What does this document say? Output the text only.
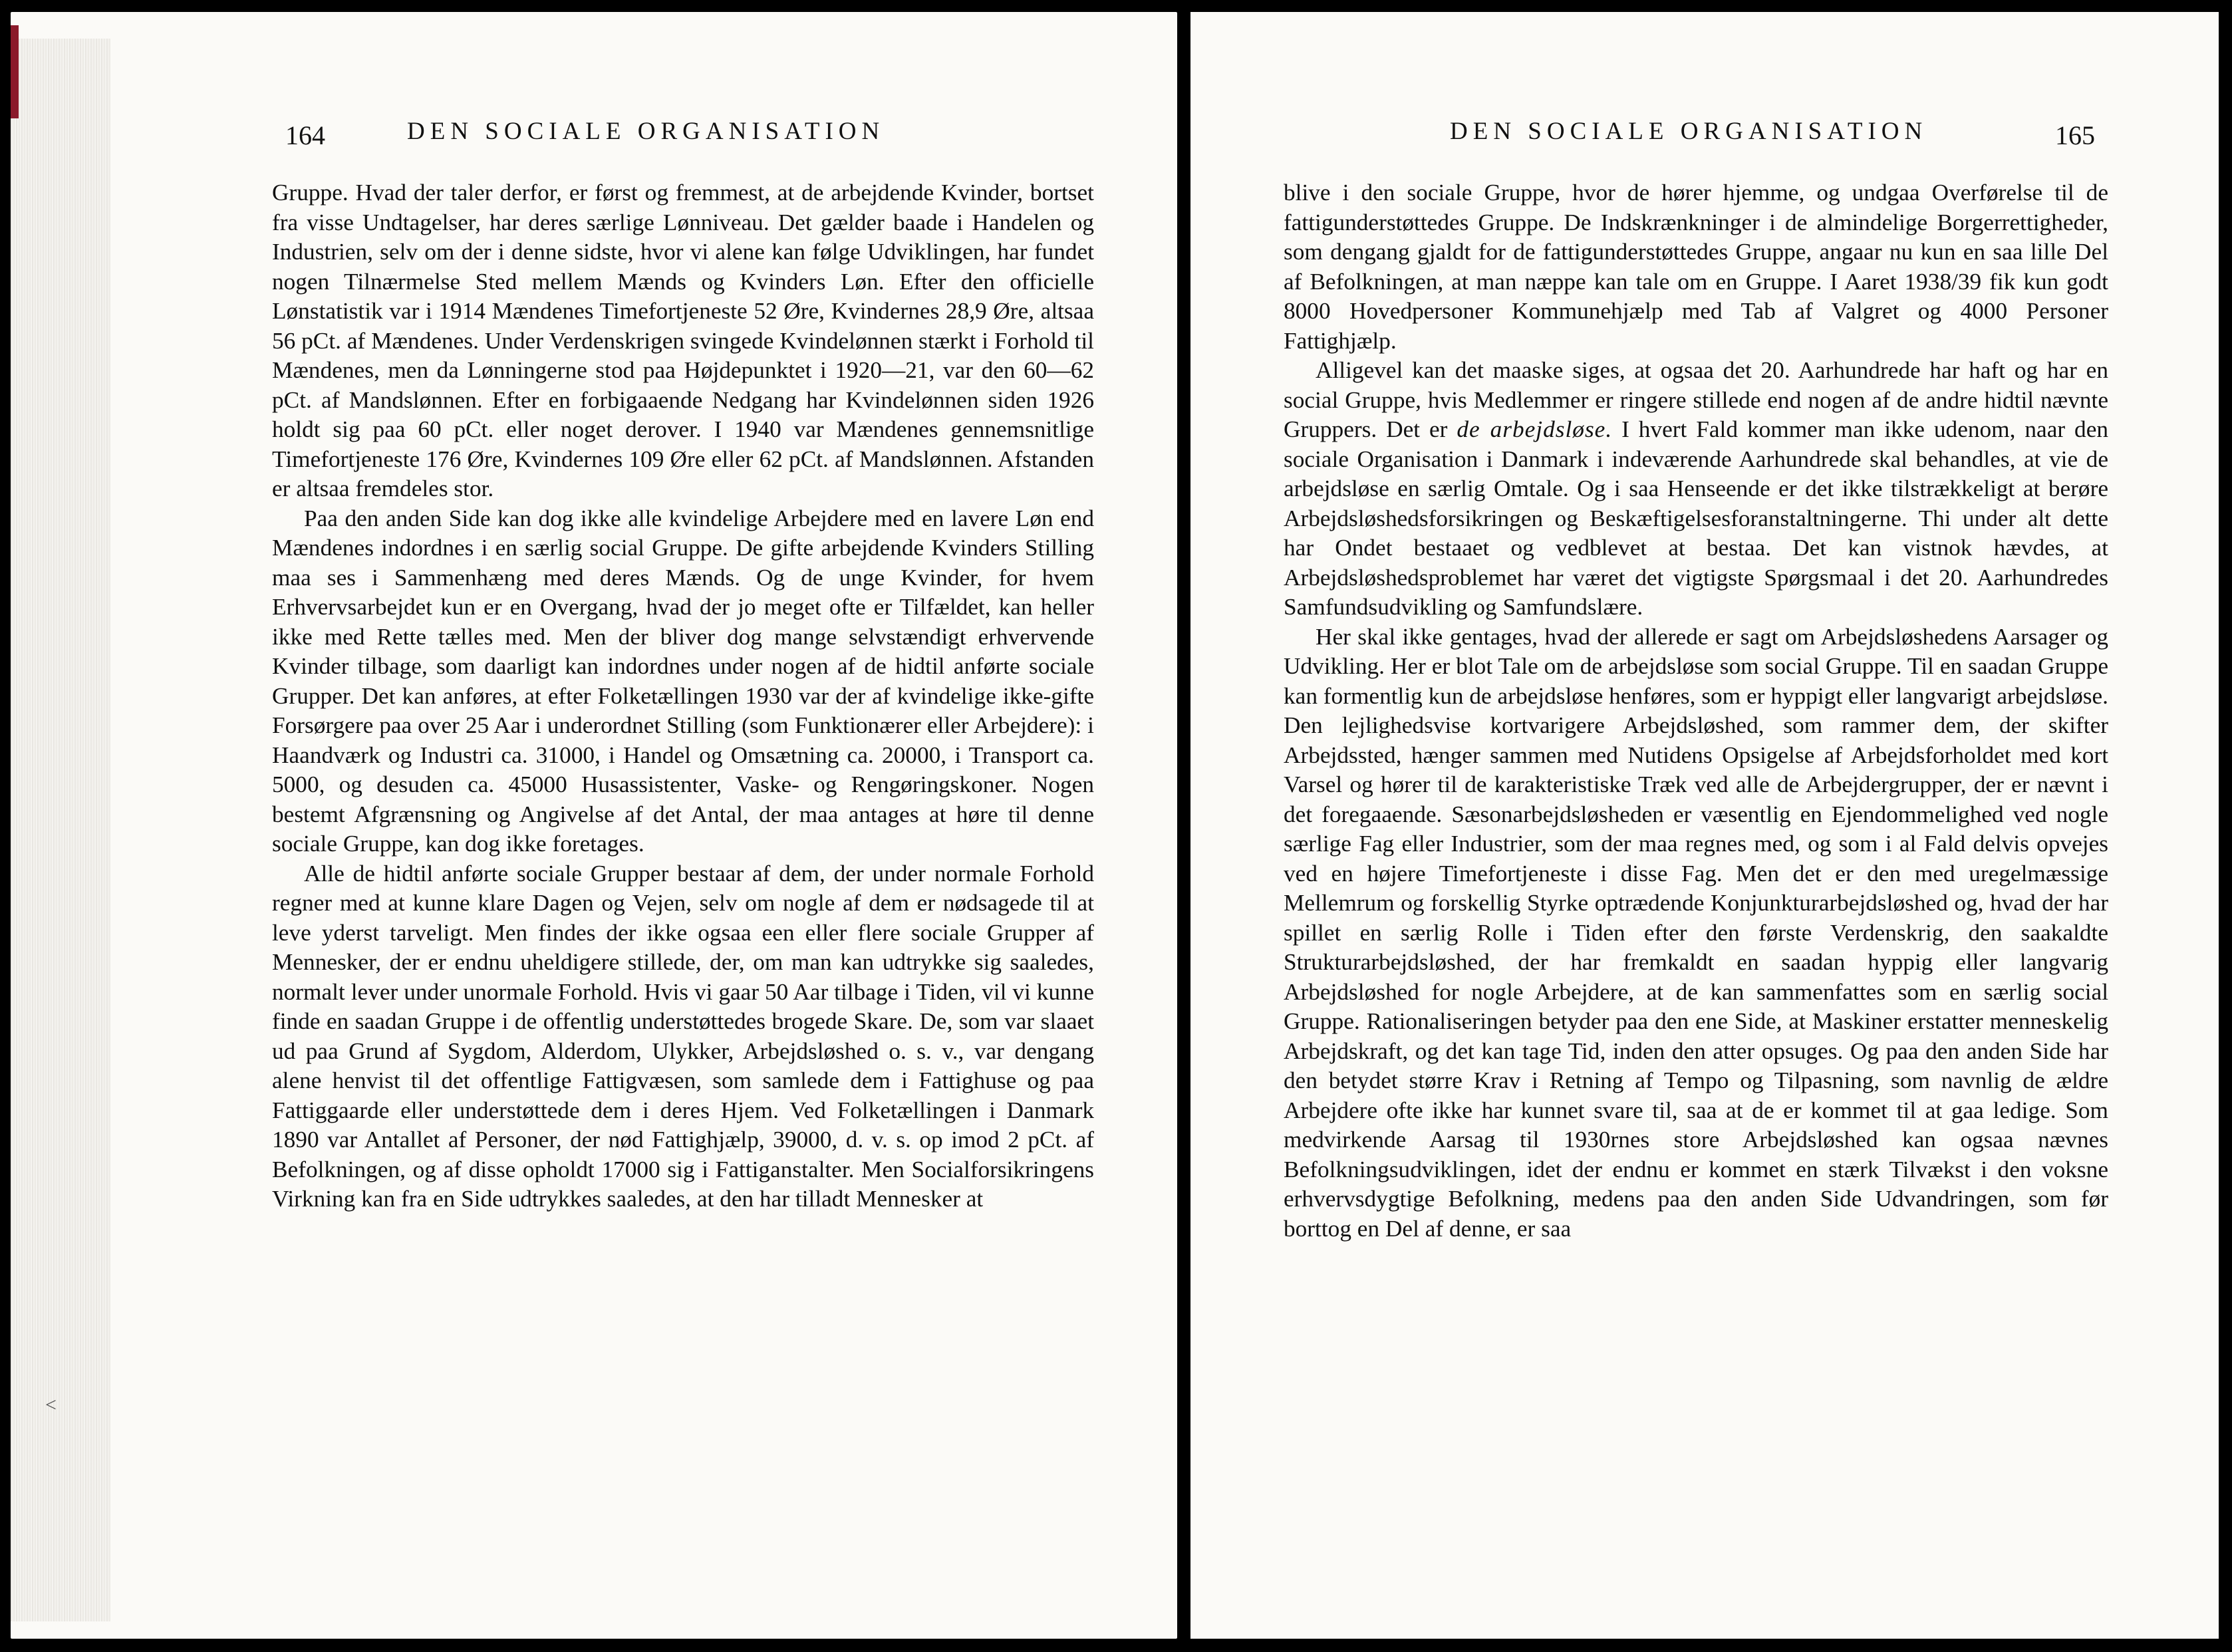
164	DEN SOCIALE ORGANISATION

Gruppe. Hvad der taler derfor, er først og fremmest, at de arbejdende Kvinder, bortset fra visse Undtagelser, har deres særlige Lønniveau. Det gælder baade i Handelen og Industrien, selv om der i denne sidste, hvor vi alene kan følge Udviklingen, har fundet nogen Tilnærmelse Sted mellem Mænds og Kvinders Løn. Efter den officielle Lønstatistik var i 1914 Mændenes Timefortjeneste 52 Øre, Kvindernes 28,9 Øre, altsaa 56 pCt. af Mændenes. Under Verdenskrigen svingede Kvindelønnen stærkt i Forhold til Mændenes, men da Lønningerne stod paa Højdepunktet i 1920—21, var den 60—62 pCt. af Mandslønnen. Efter en forbigaaende Nedgang har Kvindelønnen siden 1926 holdt sig paa 60 pCt. eller noget derover. I 1940 var Mændenes gennemsnitlige Timefortjeneste 176 Øre, Kvindernes 109 Øre eller 62 pCt. af Mandslønnen. Afstanden er altsaa fremdeles stor.

Paa den anden Side kan dog ikke alle kvindelige Arbejdere med en lavere Løn end Mændenes indordnes i en særlig social Gruppe. De gifte arbejdende Kvinders Stilling maa ses i Sammenhæng med deres Mænds. Og de unge Kvinder, for hvem Erhvervsarbejdet kun er en Overgang, hvad der jo meget ofte er Tilfældet, kan heller ikke med Rette tælles med. Men der bliver dog mange selvstændigt erhvervende Kvinder tilbage, som daarligt kan indordnes under nogen af de hidtil anførte sociale Grupper. Det kan anføres, at efter Folketællingen 1930 var der af kvindelige ikke-gifte Forsørgere paa over 25 Aar i underordnet Stilling (som Funktionærer eller Arbejdere): i Haandværk og Industri ca. 31000, i Handel og Omsætning ca. 20000, i Transport ca. 5000, og desuden ca. 45000 Husassistenter, Vaske- og Rengøringskoner. Nogen bestemt Afgrænsning og Angivelse af det Antal, der maa antages at høre til denne sociale Gruppe, kan dog ikke foretages.

Alle de hidtil anførte sociale Grupper bestaar af dem, der under normale Forhold regner med at kunne klare Dagen og Vejen, selv om nogle af dem er nødsagede til at leve yderst tarveligt. Men findes der ikke ogsaa een eller flere sociale Grupper af Mennesker, der er endnu uheldigere stillede, der, om man kan udtrykke sig saaledes, normalt lever under unormale Forhold. Hvis vi gaar 50 Aar tilbage i Tiden, vil vi kunne finde en saadan Gruppe i de offentlig understøttedes brogede Skare. De, som var slaaet ud paa Grund af Sygdom, Alderdom, Ulykker, Arbejdsløshed o. s. v., var dengang alene henvist til det offentlige Fattigvæsen, som samlede dem i Fattighuse og paa Fattiggaarde eller understøttede dem i deres Hjem. Ved Folketællingen i Danmark 1890 var Antallet af Personer, der nød Fattighjælp, 39000, d. v. s. op imod 2 pCt. af Befolkningen, og af disse opholdt 17000 sig i Fattiganstalter. Men Socialforsikringens Virkning kan fra en Side udtrykkes saaledes, at den har tilladt Mennesker at

<
DEN SOCIALE ORGANISATION	165

blive i den sociale Gruppe, hvor de hører hjemme, og undgaa Overførelse til de fattigunderstøttedes Gruppe. De Indskrænkninger i de almindelige Borgerrettigheder, som dengang gjaldt for de fattigunderstøttedes Gruppe, angaar nu kun en saa lille Del af Befolkningen, at man næppe kan tale om en Gruppe. I Aaret 1938/39 fik kun godt 8000 Hovedpersoner Kommunehjælp med Tab af Valgret og 4000 Personer Fattighjælp.

Alligevel kan det maaske siges, at ogsaa det 20. Aarhundrede har haft og har en social Gruppe, hvis Medlemmer er ringere stillede end nogen af de andre hidtil nævnte Gruppers. Det er de arbejdsløse. I hvert Fald kommer man ikke udenom, naar den sociale Organisation i Danmark i indeværende Aarhundrede skal behandles, at vie de arbejdsløse en særlig Omtale. Og i saa Henseende er det ikke tilstrækkeligt at berøre Arbejdsløshedsforsikringen og Beskæftigelsesforanstaltningerne. Thi under alt dette har Ondet bestaaet og vedblevet at bestaa. Det kan vistnok hævdes, at Arbejdsløshedsproblemet har været det vigtigste Spørgsmaal i det 20. Aarhundredes Samfundsudvikling og Samfundslære.

Her skal ikke gentages, hvad der allerede er sagt om Arbejdsløshedens Aarsager og Udvikling. Her er blot Tale om de arbejdsløse som social Gruppe. Til en saadan Gruppe kan formentlig kun de arbejdsløse henføres, som er hyppigt eller langvarigt arbejdsløse. Den lejlighedsvise kortvarigere Arbejdsløshed, som rammer dem, der skifter Arbejdssted, hænger sammen med Nutidens Opsigelse af Arbejdsforholdet med kort Varsel og hører til de karakteristiske Træk ved alle de Arbejdergrupper, der er nævnt i det foregaaende. Sæsonarbejdsløsheden er væsentlig en Ejendommelighed ved nogle særlige Fag eller Industrier, som der maa regnes med, og som i al Fald delvis opvejes ved en højere Timefortjeneste i disse Fag. Men det er den med uregelmæssige Mellemrum og forskellig Styrke optrædende Konjunkturarbejdsløshed og, hvad der har spillet en særlig Rolle i Tiden efter den første Verdenskrig, den saakaldte Strukturarbejdsløshed, der har fremkaldt en saadan hyppig eller langvarig Arbejdsløshed for nogle Arbejdere, at de kan sammenfattes som en særlig social Gruppe. Rationaliseringen betyder paa den ene Side, at Maskiner erstatter menneskelig Arbejdskraft, og det kan tage Tid, inden den atter opsuges. Og paa den anden Side har den betydet større Krav i Retning af Tempo og Tilpasning, som navnlig de ældre Arbejdere ofte ikke har kunnet svare til, saa at de er kommet til at gaa ledige. Som medvirkende Aarsag til 1930rnes store Arbejdsløshed kan ogsaa nævnes Befolkningsudviklingen, idet der endnu er kommet en stærk Tilvækst i den voksne erhvervsdygtige Befolkning, medens paa den anden Side Udvandringen, som før borttog en Del af denne, er saa
